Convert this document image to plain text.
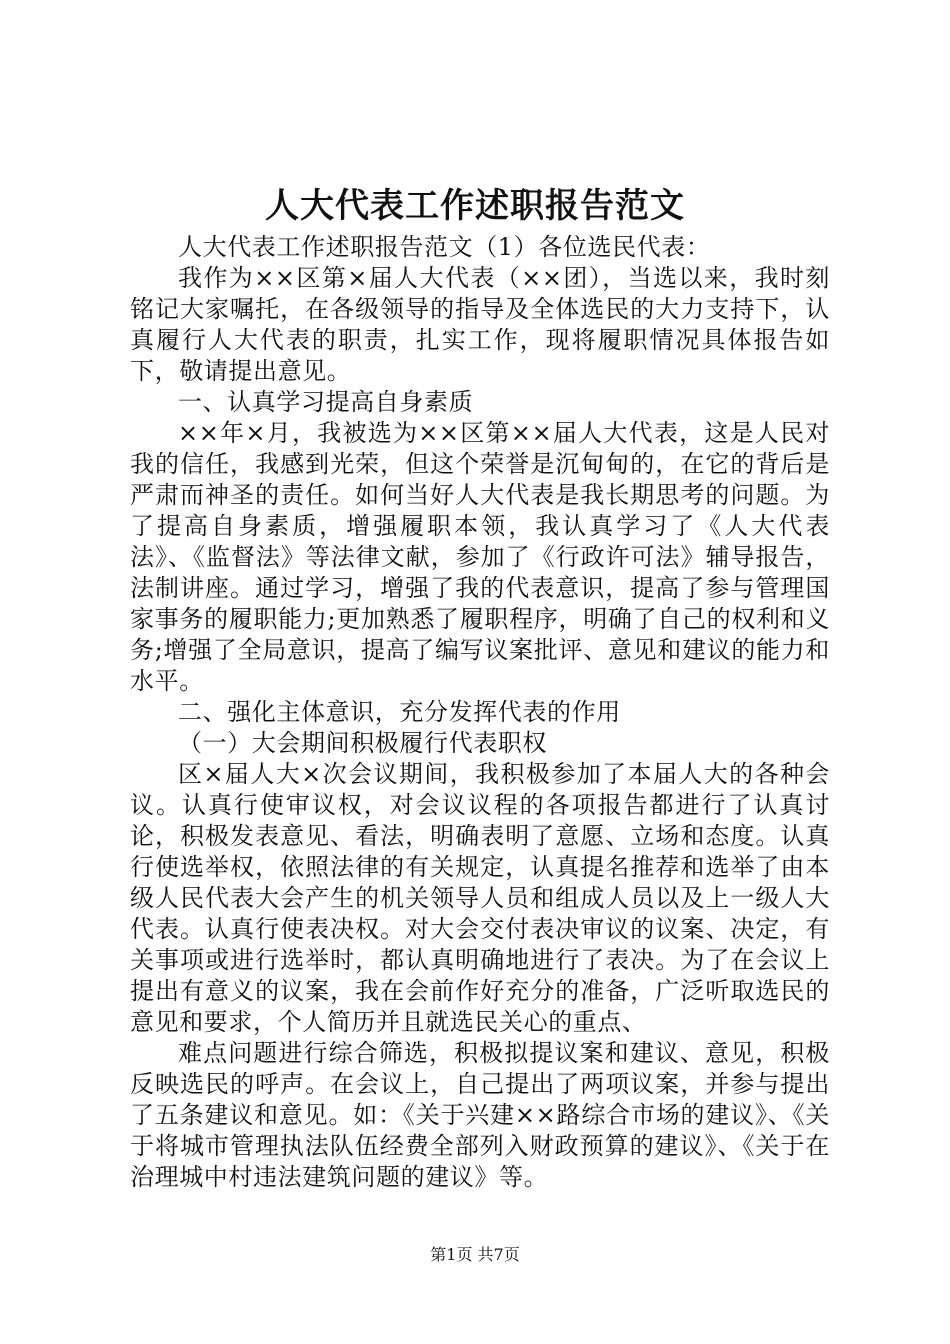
人大代表工作述职报告范文

人大代表工作述职报告范文（1）各位选民代表：

我作为××区第×届人大代表（××团），当选以来，我时刻铭记大家嘱托，在各级领导的指导及全体选民的大力支持下，认真履行人大代表的职责，扎实工作，现将履职情况具体报告如下，敬请提出意见。

一、认真学习提高自身素质

××年×月，我被选为××区第××届人大代表，这是人民对我的信任，我感到光荣，但这个荣誉是沉甸甸的，在它的背后是严肃而神圣的责任。如何当好人大代表是我长期思考的问题。为了提高自身素质，增强履职本领，我认真学习了《人大代表法》、《监督法》等法律文献，参加了《行政许可法》辅导报告，法制讲座。通过学习，增强了我的代表意识，提高了参与管理国家事务的履职能力;更加熟悉了履职程序，明确了自己的权利和义务;增强了全局意识，提高了编写议案批评、意见和建议的能力和水平。

二、强化主体意识，充分发挥代表的作用

（一）大会期间积极履行代表职权

区×届人大×次会议期间，我积极参加了本届人大的各种会议。认真行使审议权，对会议议程的各项报告都进行了认真讨论，积极发表意见、看法，明确表明了意愿、立场和态度。认真行使选举权，依照法律的有关规定，认真提名推荐和选举了由本级人民代表大会产生的机关领导人员和组成人员以及上一级人大代表。认真行使表决权。对大会交付表决审议的议案、决定，有关事项或进行选举时，都认真明确地进行了表决。为了在会议上提出有意义的议案，我在会前作好充分的准备，广泛听取选民的意见和要求，个人简历并且就选民关心的重点、

难点问题进行综合筛选，积极拟提议案和建议、意见，积极反映选民的呼声。在会议上，自己提出了两项议案，并参与提出了五条建议和意见。如：《关于兴建××路综合市场的建议》、《关于将城市管理执法队伍经费全部列入财政预算的建议》、《关于在治理城中村违法建筑问题的建议》等。

第1页 共7页
